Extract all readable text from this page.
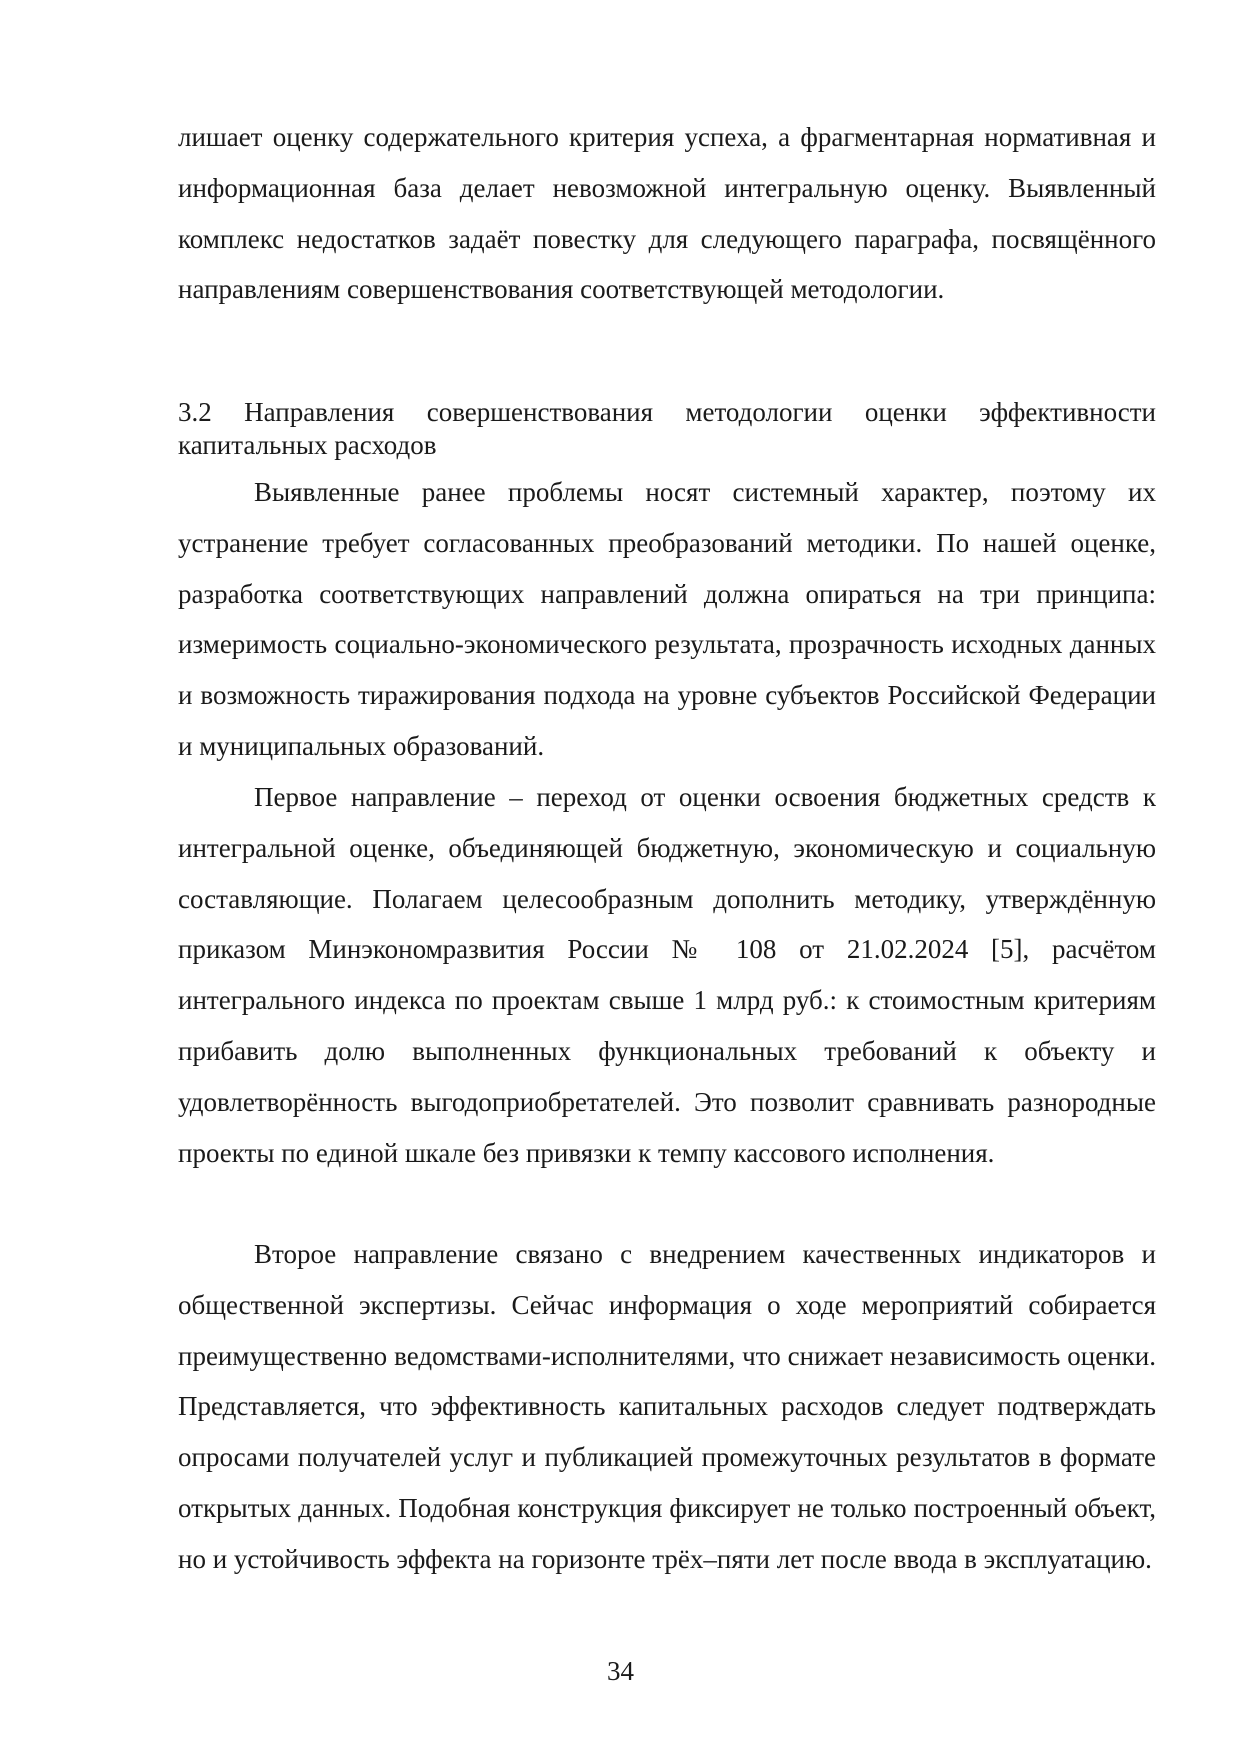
лишает оценку содержательного критерия успеха, а фрагментарная нормативная и информационная база делает невозможной интегральную оценку. Выявленный комплекс недостатков задаёт повестку для следующего параграфа, посвящённого направлениям совершенствования соответствующей методологии.

3.2 Направления совершенствования методологии оценки эффективности капитальных расходов

Выявленные ранее проблемы носят системный характер, поэтому их устранение требует согласованных преобразований методики. По нашей оценке, разработка соответствующих направлений должна опираться на три принципа: измеримость социально-экономического результата, прозрачность исходных данных и возможность тиражирования подхода на уровне субъектов Российской Федерации и муниципальных образований.

Первое направление – переход от оценки освоения бюджетных средств к интегральной оценке, объединяющей бюджетную, экономическую и социальную составляющие. Полагаем целесообразным дополнить методику, утверждённую приказом Минэкономразвития России № 108 от 21.02.2024 [5], расчётом интегрального индекса по проектам свыше 1 млрд руб.: к стоимостным критериям прибавить долю выполненных функциональных требований к объекту и удовлетворённость выгодоприобретателей. Это позволит сравнивать разнородные проекты по единой шкале без привязки к темпу кассового исполнения.

Второе направление связано с внедрением качественных индикаторов и общественной экспертизы. Сейчас информация о ходе мероприятий собирается преимущественно ведомствами-исполнителями, что снижает независимость оценки. Представляется, что эффективность капитальных расходов следует подтверждать опросами получателей услуг и публикацией промежуточных результатов в формате открытых данных. Подобная конструкция фиксирует не только построенный объект, но и устойчивость эффекта на горизонте трёх–пяти лет после ввода в эксплуатацию.

34
